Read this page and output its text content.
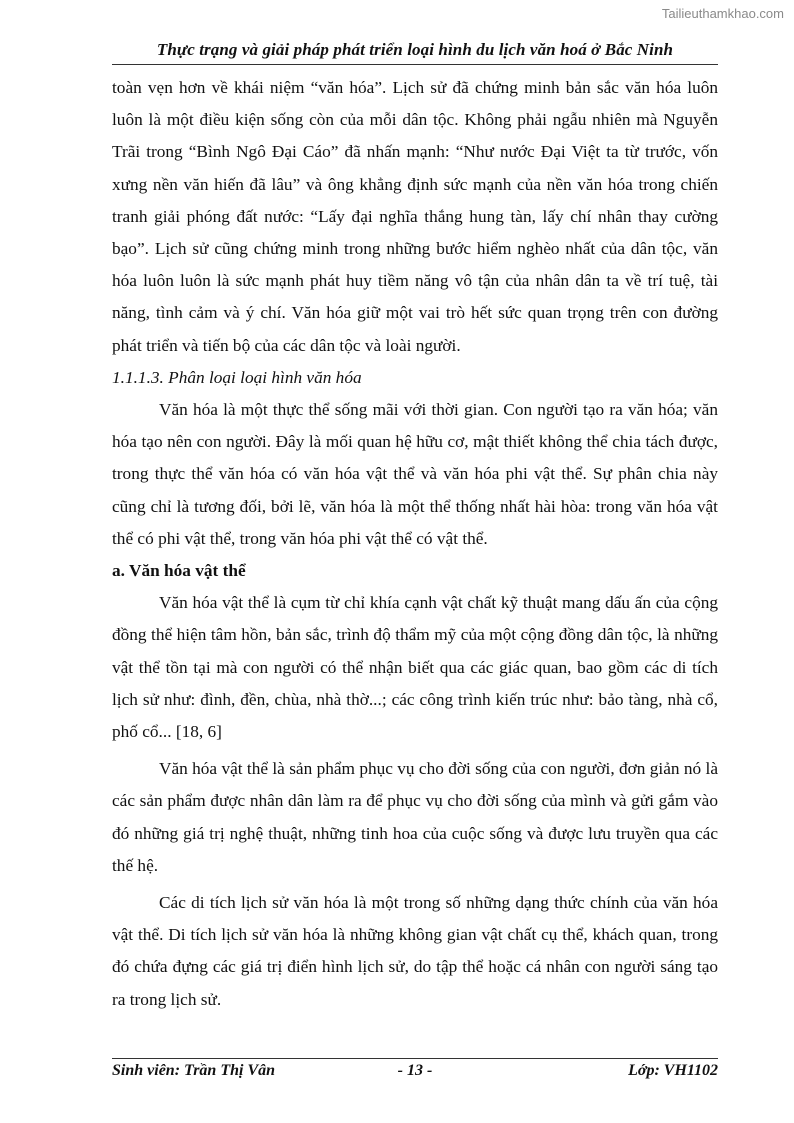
Tailieuthamkhao.com
Thực trạng và giải pháp phát triển loại hình du lịch văn hoá ở Bắc Ninh

toàn vẹn hơn về khái niệm “văn hóa”. Lịch sử đã chứng minh bản sắc văn hóa luôn luôn là một điều kiện sống còn của mỗi dân tộc. Không phải ngẫu nhiên mà Nguyễn Trãi trong “Bình Ngô Đại Cáo” đã nhấn mạnh: “Như nước Đại Việt ta từ trước, vốn xưng nền văn hiến đã lâu” và ông khẳng định sức mạnh của nền văn hóa trong chiến tranh giải phóng đất nước: “Lấy đại nghĩa thắng hung tàn, lấy chí nhân thay cường bạo”. Lịch sử cũng chứng minh trong những bước hiểm nghèo nhất của dân tộc, văn hóa luôn luôn là sức mạnh phát huy tiềm năng vô tận của nhân dân ta về trí tuệ, tài năng, tình cảm và ý chí. Văn hóa giữ một vai trò hết sức quan trọng trên con đường phát triển và tiến bộ của các dân tộc và loài người.

1.1.1.3. Phân loại loại hình văn hóa

Văn hóa là một thực thể sống mãi với thời gian. Con người tạo ra văn hóa; văn hóa tạo nên con người. Đây là mối quan hệ hữu cơ, mật thiết không thể chia tách được, trong thực thể văn hóa có văn hóa vật thể và văn hóa phi vật thể. Sự phân chia này cũng chỉ là tương đối, bởi lẽ, văn hóa là một thể thống nhất hài hòa: trong văn hóa vật thể có phi vật thể, trong văn hóa phi vật thể có vật thể.

a. Văn hóa vật thể

Văn hóa vật thể là cụm từ chỉ khía cạnh vật chất kỹ thuật mang dấu ấn của cộng đồng thể hiện tâm hồn, bản sắc, trình độ thẩm mỹ của một cộng đồng dân tộc, là những vật thể tồn tại mà con người có thể nhận biết qua các giác quan, bao gồm các di tích lịch sử như: đình, đền, chùa, nhà thờ...; các công trình kiến trúc như: bảo tàng, nhà cổ, phố cổ... [18, 6]

Văn hóa vật thể là sản phẩm phục vụ cho đời sống của con người, đơn giản nó là các sản phẩm được nhân dân làm ra để phục vụ cho đời sống của mình và gửi gắm vào đó những giá trị nghệ thuật, những tinh hoa của cuộc sống và được lưu truyền qua các thế hệ.

Các di tích lịch sử văn hóa là một trong số những dạng thức chính của văn hóa vật thể. Di tích lịch sử văn hóa là những không gian vật chất cụ thể, khách quan, trong đó chứa đựng các giá trị điển hình lịch sử, do tập thể hoặc cá nhân con người sáng tạo ra trong lịch sử.

Sinh viên: Trần Thị Vân	- 13 -	Lớp: VH1102
